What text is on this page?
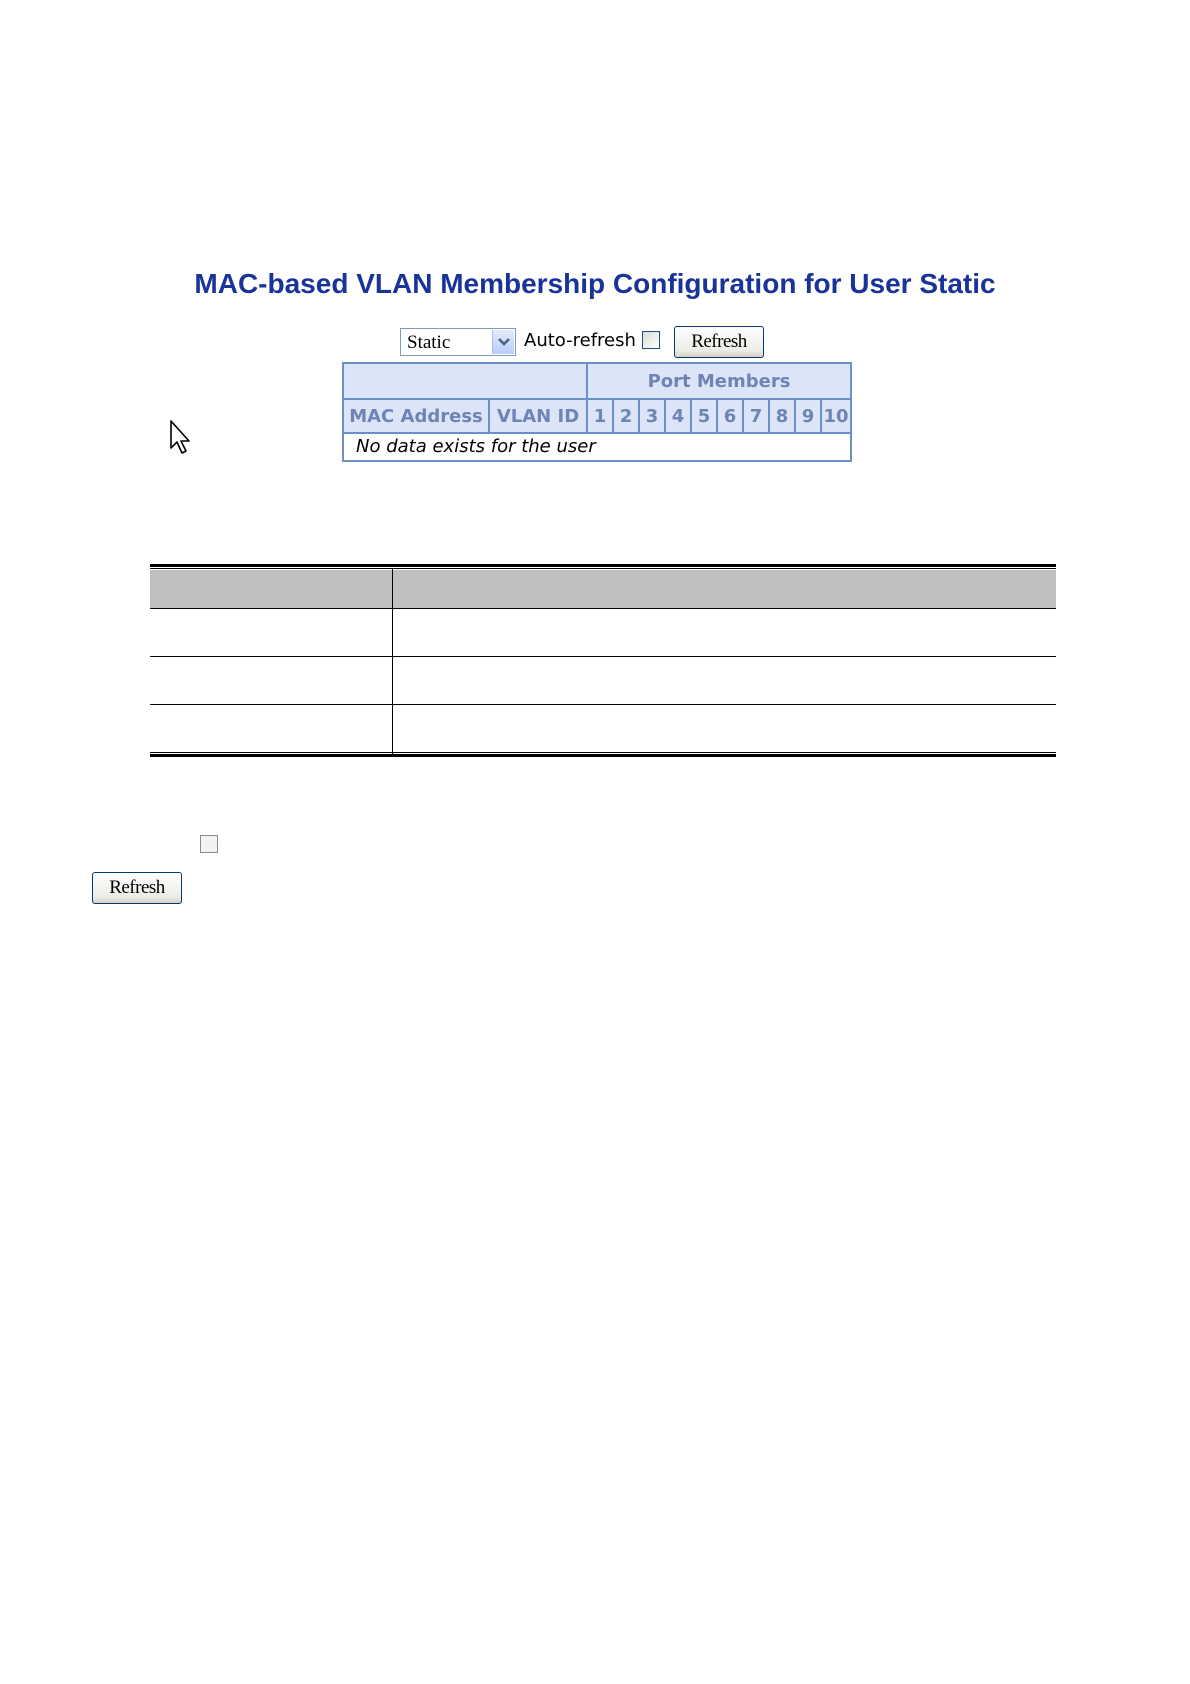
MAC-based VLAN Membership Configuration for User Static
Static	Auto-refresh	Refresh
Port Members
MAC Address VLAN ID 1 2 3 4 5 6 7 8 9 10
No data exists for the user
Refresh
